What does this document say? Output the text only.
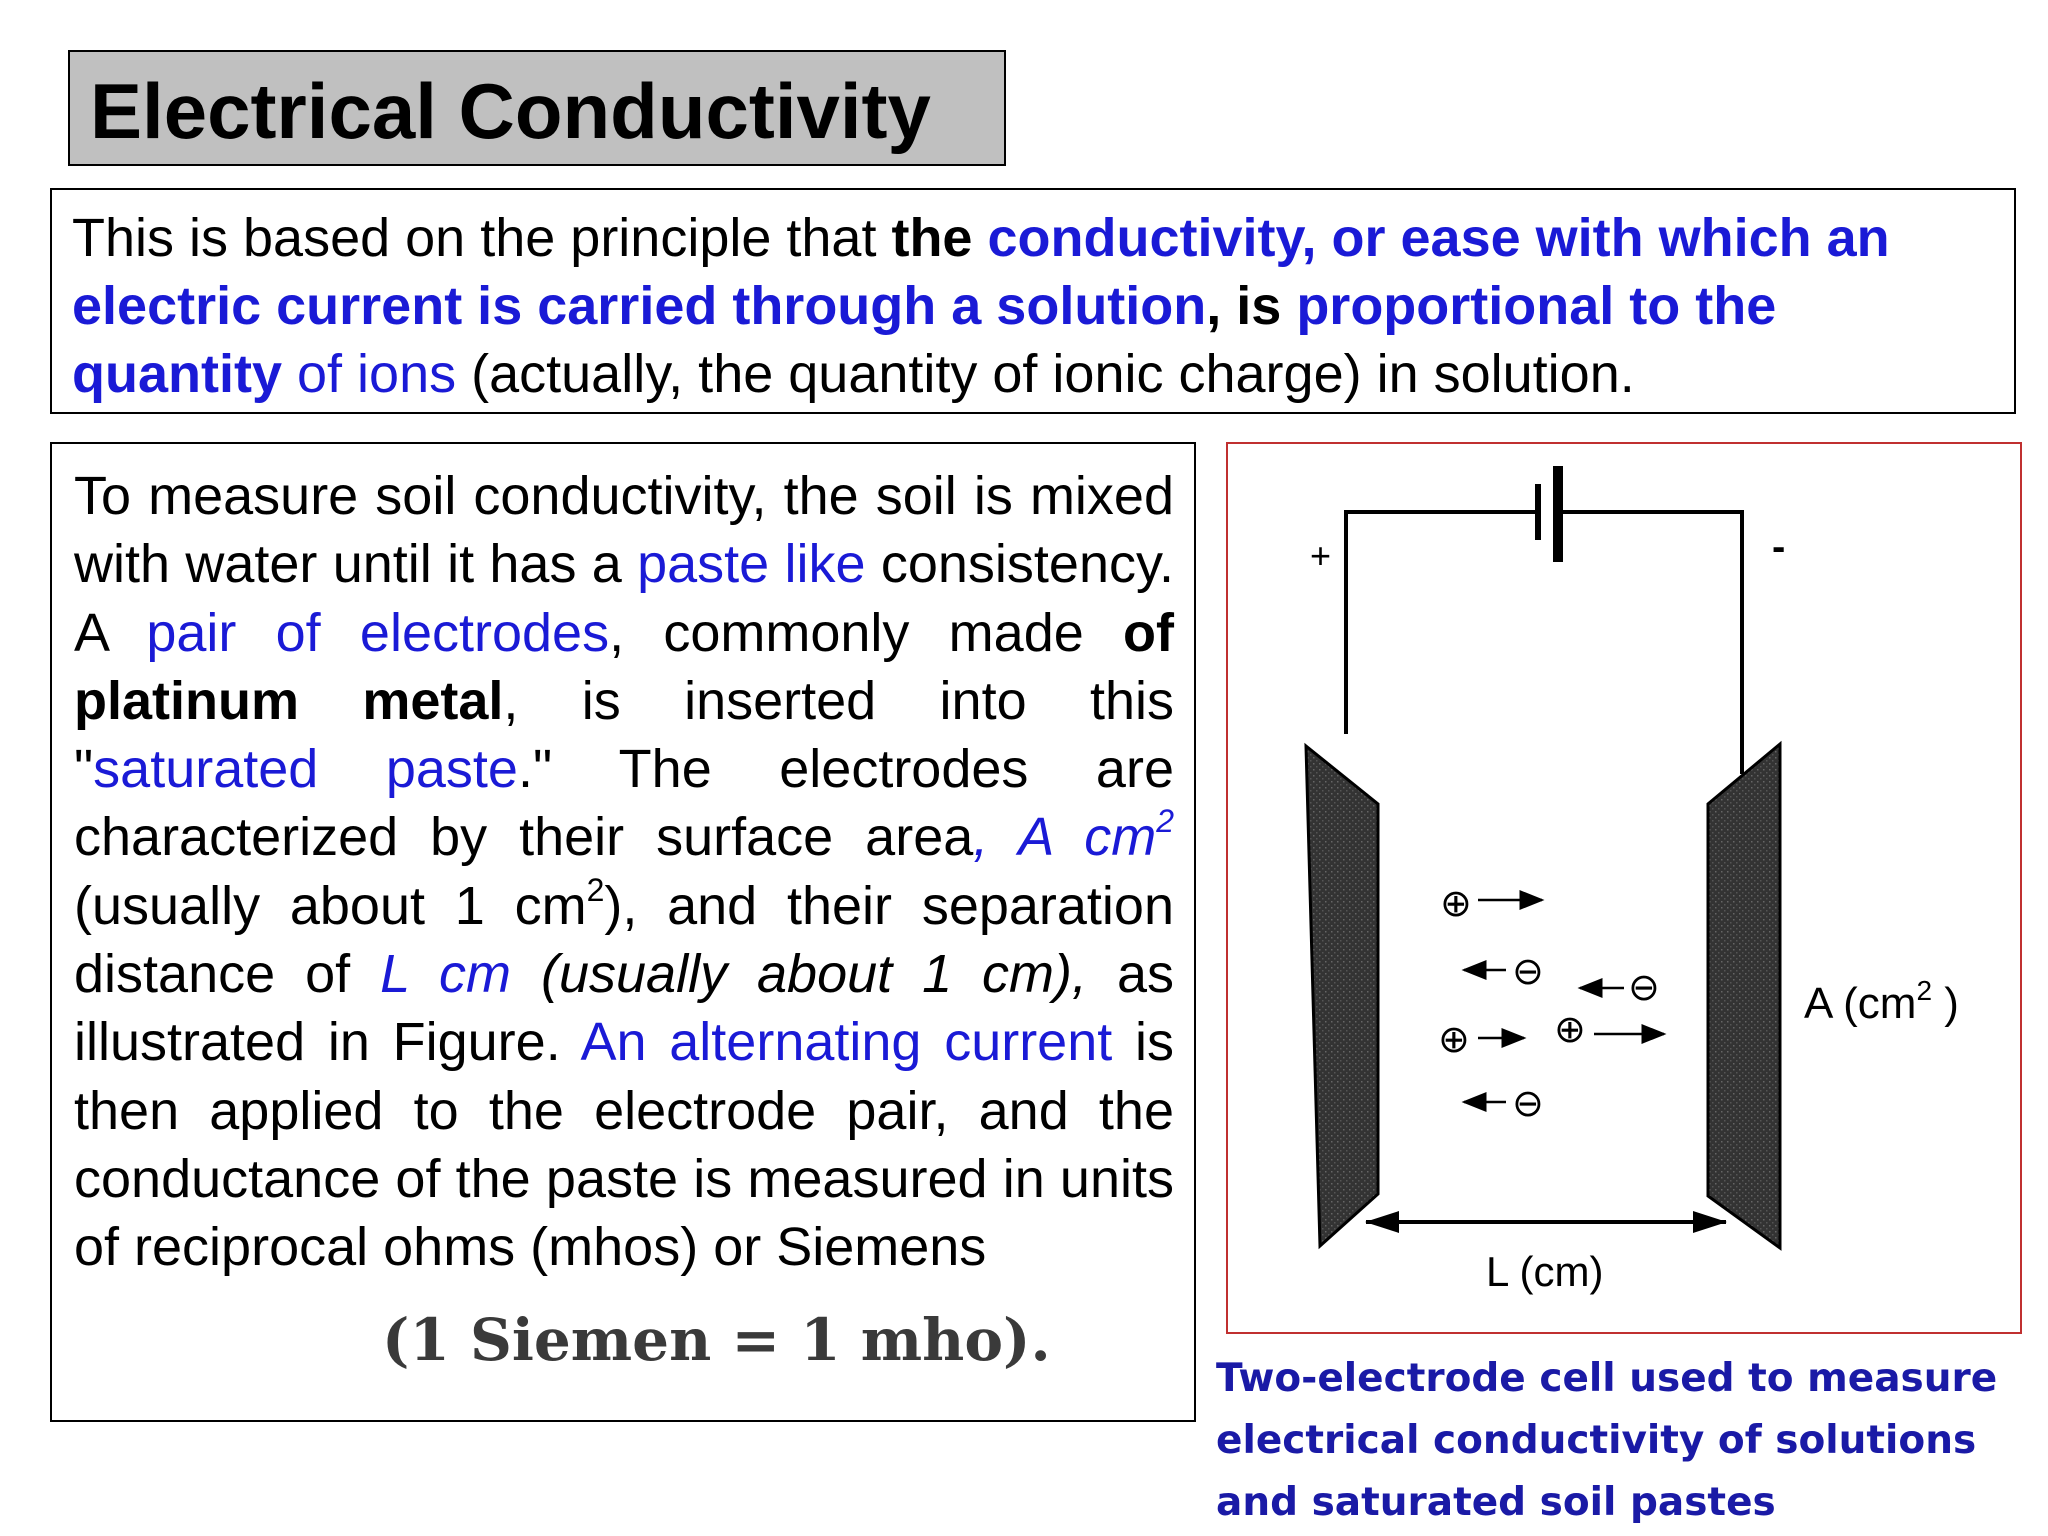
Electrical Conductivity
This is based on the principle that the conductivity, or ease with which an electric current is carried through a solution, is proportional to the quantity of ions (actually, the quantity of ionic charge) in solution.

To measure soil conductivity, the soil is mixed with water until it has a paste like consistency. A pair of electrodes, commonly made of platinum metal, is inserted into this "saturated paste." The electrodes are characterized by their surface area, A $cm^2$ (usually about 1 $cm^2$), and their separation distance of L cm (usually about 1 cm), as illustrated in Figure. An alternating current is then applied to the electrode pair, and the conductance of the paste is measured in units of reciprocal ohms (mhos) or Siemens

(1 Siemen = 1 mho).
+	-
⊕
⊖ ⊖
⊕ ⊕
⊖
L (cm)
A ($cm^2$ )
Two-electrode cell used to measure electrical conductivity of solutions and saturated soil pastes
